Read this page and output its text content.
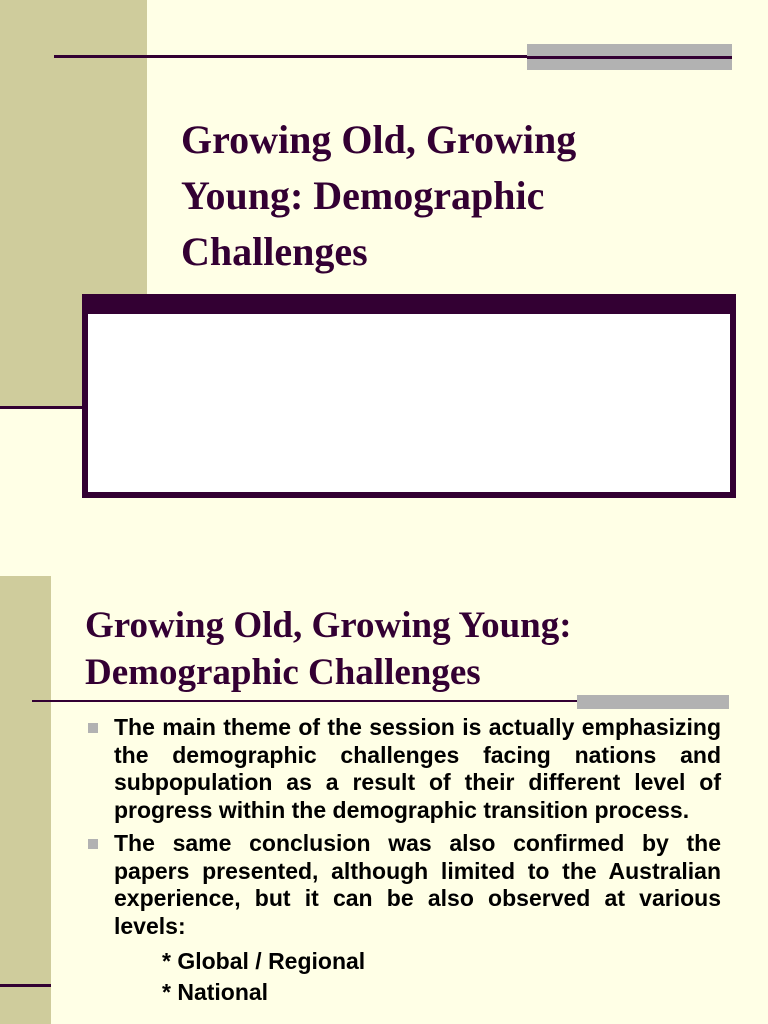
Growing Old, Growing Young: Demographic Challenges
Growing Old, Growing Young: Demographic Challenges
The main theme of the session is actually emphasizing the demographic challenges facing nations and subpopulation as a result of their different level of progress within the demographic transition process.
The same conclusion was also confirmed by the papers presented, although limited to the Australian experience, but it can be also observed at various levels:
* Global / Regional
* National
